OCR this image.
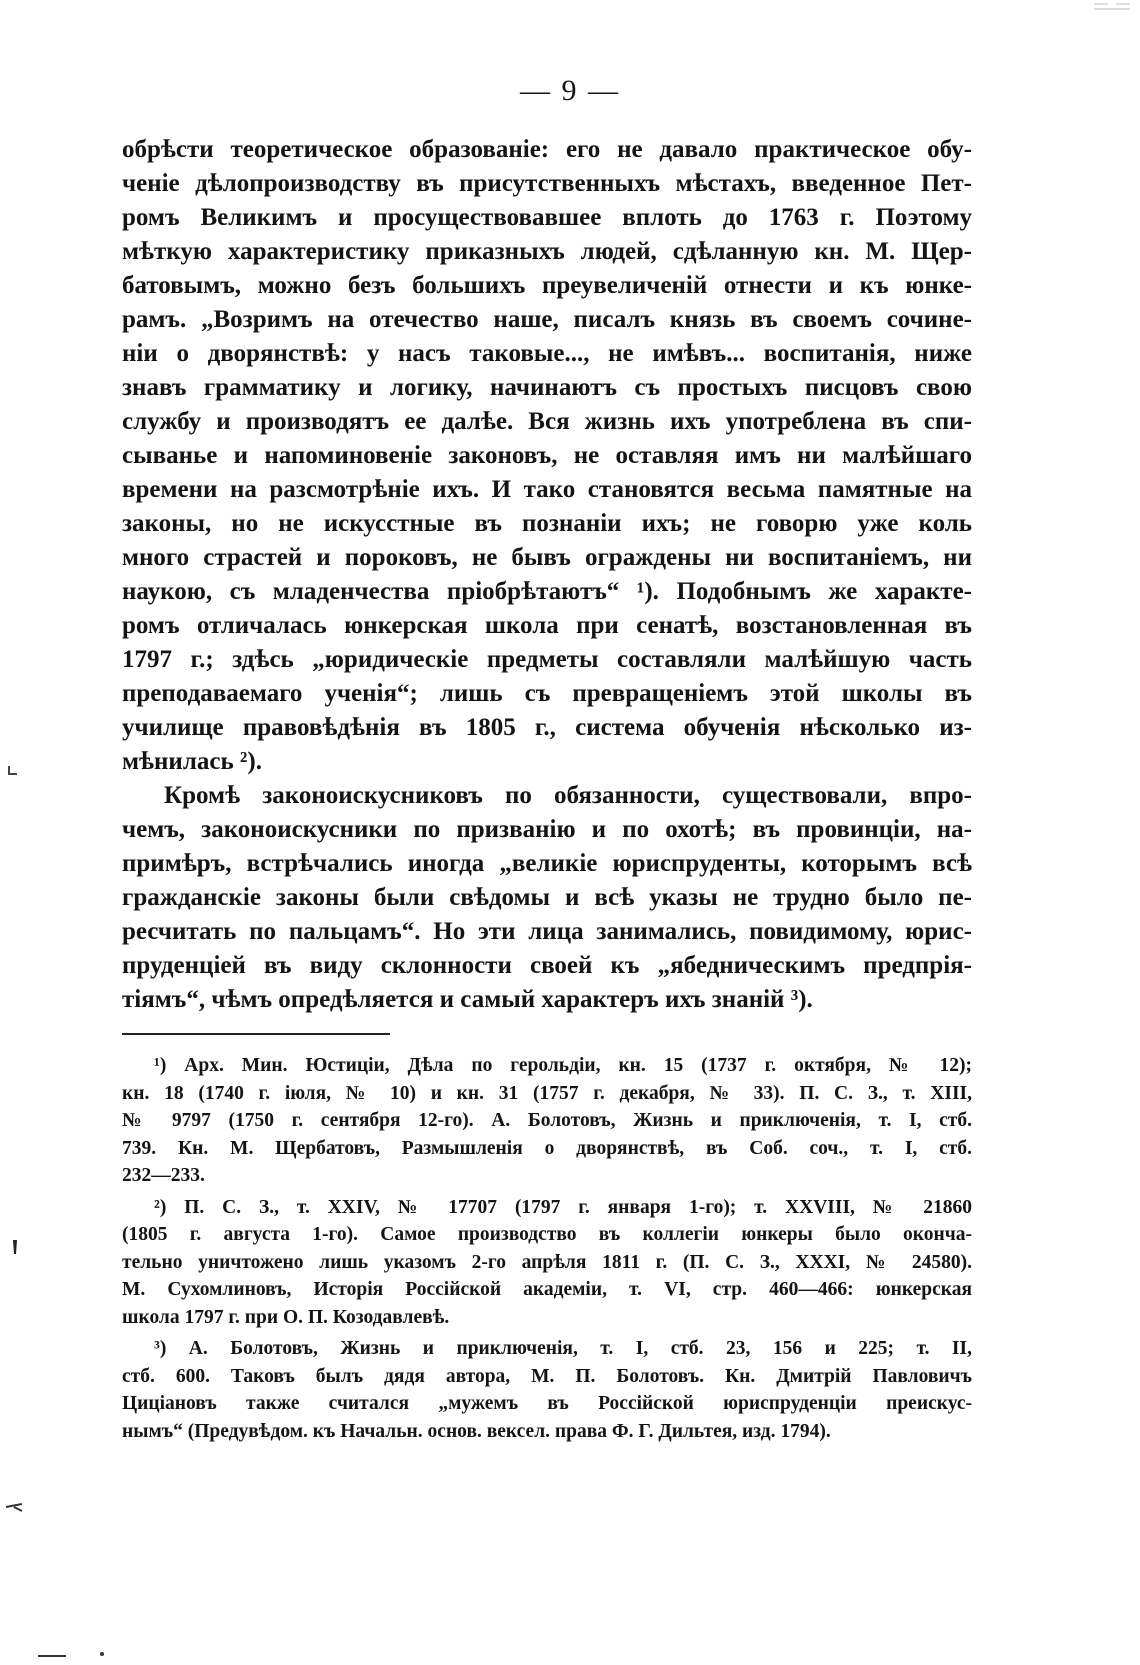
— 9 —
обрѣсти теоретическое образованіе: его не давало практическое обу-
ченіе дѣлопроизводству въ присутственныхъ мѣстахъ, введенное Пет-
ромъ Великимъ и просуществовавшее вплоть до 1763 г. Поэтому
мѣткую характеристику приказныхъ людей, сдѣланную кн. М. Щер-
батовымъ, можно безъ большихъ преувеличеній отнести и къ юнке-
рамъ. „Возримъ на отечество наше, писалъ князь въ своемъ сочине-
ніи о дворянствѣ: у насъ таковые..., не имѣвъ... воспитанія, ниже
знавъ грамматику и логику, начинаютъ съ простыхъ писцовъ свою
службу и производятъ ее далѣе. Вся жизнь ихъ употреблена въ спи-
сыванье и напоминовеніе законовъ, не оставляя имъ ни малѣйшаго
времени на разсмотрѣніе ихъ. И тако становятся весьма памятные на
законы, но не искусстные въ познаніи ихъ; не говорю уже коль
много страстей и пороковъ, не бывъ ограждены ни воспитаніемъ, ни
наукою, съ младенчества пріобрѣтаютъ“ ¹). Подобнымъ же характе-
ромъ отличалась юнкерская школа при сенатѣ, возстановленная въ
1797 г.; здѣсь „юридическіе предметы составляли малѣйшую часть
преподаваемаго ученія“; лишь съ превращеніемъ этой школы въ
училище правовѣдѣнія въ 1805 г., система обученія нѣсколько из-
мѣнилась ²).
Кромѣ законоискусниковъ по обязанности, существовали, впро-
чемъ, законоискусники по призванію и по охотѣ; въ провинціи, на-
примѣръ, встрѣчались иногда „великіе юриспруденты, которымъ всѣ
гражданскіе законы были свѣдомы и всѣ указы не трудно было пе-
ресчитать по пальцамъ“. Но эти лица занимались, повидимому, юрис-
пруденціей въ виду склонности своей къ „ябедническимъ предпрія-
тіямъ“, чѣмъ опредѣляется и самый характеръ ихъ знаній ³).
¹) Арх. Мин. Юстиціи, Дѣла по герольдіи, кн. 15 (1737 г. октября, № 12);
кн. 18 (1740 г. іюля, № 10) и кн. 31 (1757 г. декабря, № 33). П. С. З., т. XIII,
№ 9797 (1750 г. сентября 12-го). А. Болотовъ, Жизнь и приключенія, т. I, стб.
739. Кн. М. Щербатовъ, Размышленія о дворянствѣ, въ Соб. соч., т. I, стб.
232—233.
²) П. С. З., т. XXIV, № 17707 (1797 г. января 1-го); т. XXVIII, № 21860
(1805 г. августа 1-го). Самое производство въ коллегіи юнкеры было оконча-
тельно уничтожено лишь указомъ 2-го апрѣля 1811 г. (П. С. З., XXXI, № 24580).
М. Сухомлиновъ, Исторія Россійской академіи, т. VI, стр. 460—466: юнкерская
школа 1797 г. при О. П. Козодавлевѣ.
³) А. Болотовъ, Жизнь и приключенія, т. I, стб. 23, 156 и 225; т. II,
стб. 600. Таковъ былъ дядя автора, М. П. Болотовъ. Кн. Дмитрій Павловичъ
Циціановъ также считался „мужемъ въ Россійской юриспруденціи преискус-
нымъ“ (Предувѣдом. къ Начальн. основ. вексел. права Ф. Г. Дильтея, изд. 1794).
